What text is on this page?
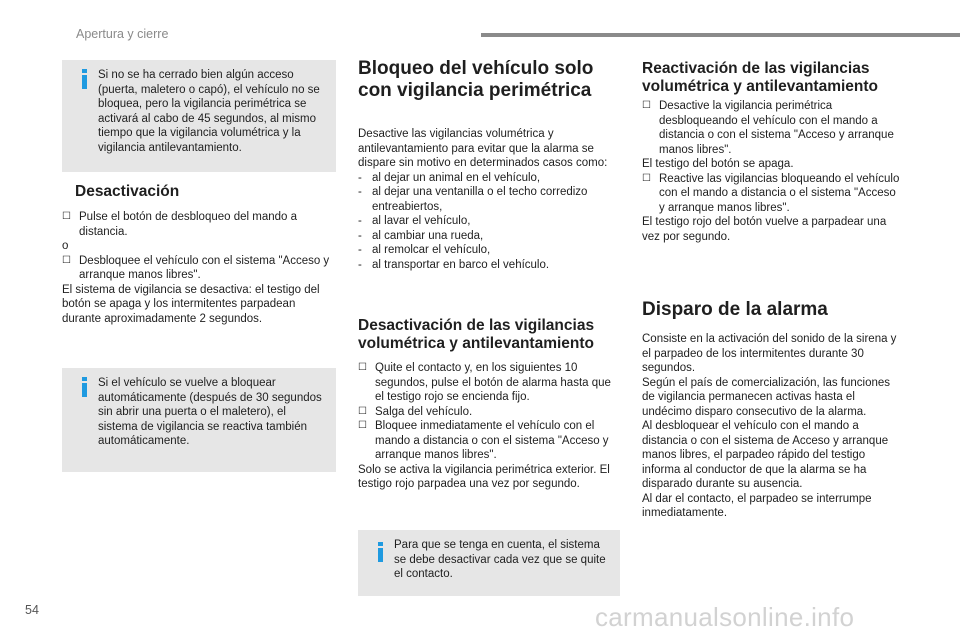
Apertura y cierre
Si no se ha cerrado bien algún acceso (puerta, maletero o capó), el vehículo no se bloquea, pero la vigilancia perimétrica se activará al cabo de 45 segundos, al mismo tiempo que la vigilancia volumétrica y la vigilancia antilevantamiento.
Desactivación
☐ Pulse el botón de desbloqueo del mando a distancia.
o
☐ Desbloquee el vehículo con el sistema "Acceso y arranque manos libres".
El sistema de vigilancia se desactiva: el testigo del botón se apaga y los intermitentes parpadean durante aproximadamente 2 segundos.
Si el vehículo se vuelve a bloquear automáticamente (después de 30 segundos sin abrir una puerta o el maletero), el sistema de vigilancia se reactiva también automáticamente.
Bloqueo del vehículo solo con vigilancia perimétrica
Desactive las vigilancias volumétrica y antilevantamiento para evitar que la alarma se dispare sin motivo en determinados casos como:
- al dejar un animal en el vehículo,
- al dejar una ventanilla o el techo corredizo entreabiertos,
- al lavar el vehículo,
- al cambiar una rueda,
- al remolcar el vehículo,
- al transportar en barco el vehículo.
Desactivación de las vigilancias volumétrica y antilevantamiento
☐ Quite el contacto y, en los siguientes 10 segundos, pulse el botón de alarma hasta que el testigo rojo se encienda fijo.
☐ Salga del vehículo.
☐ Bloquee inmediatamente el vehículo con el mando a distancia o con el sistema "Acceso y arranque manos libres".
Solo se activa la vigilancia perimétrica exterior. El testigo rojo parpadea una vez por segundo.
Para que se tenga en cuenta, el sistema se debe desactivar cada vez que se quite el contacto.
Reactivación de las vigilancias volumétrica y antilevantamiento
☐ Desactive la vigilancia perimétrica desbloqueando el vehículo con el mando a distancia o con el sistema "Acceso y arranque manos libres".
El testigo del botón se apaga.
☐ Reactive las vigilancias bloqueando el vehículo con el mando a distancia o el sistema "Acceso y arranque manos libres".
El testigo rojo del botón vuelve a parpadear una vez por segundo.
Disparo de la alarma
Consiste en la activación del sonido de la sirena y el parpadeo de los intermitentes durante 30 segundos.
Según el país de comercialización, las funciones de vigilancia permanecen activas hasta el undécimo disparo consecutivo de la alarma.
Al desbloquear el vehículo con el mando a distancia o con el sistema de Acceso y arranque manos libres, el parpadeo rápido del testigo informa al conductor de que la alarma se ha disparado durante su ausencia.
Al dar el contacto, el parpadeo se interrumpe inmediatamente.
54	carmanualsonline.info
